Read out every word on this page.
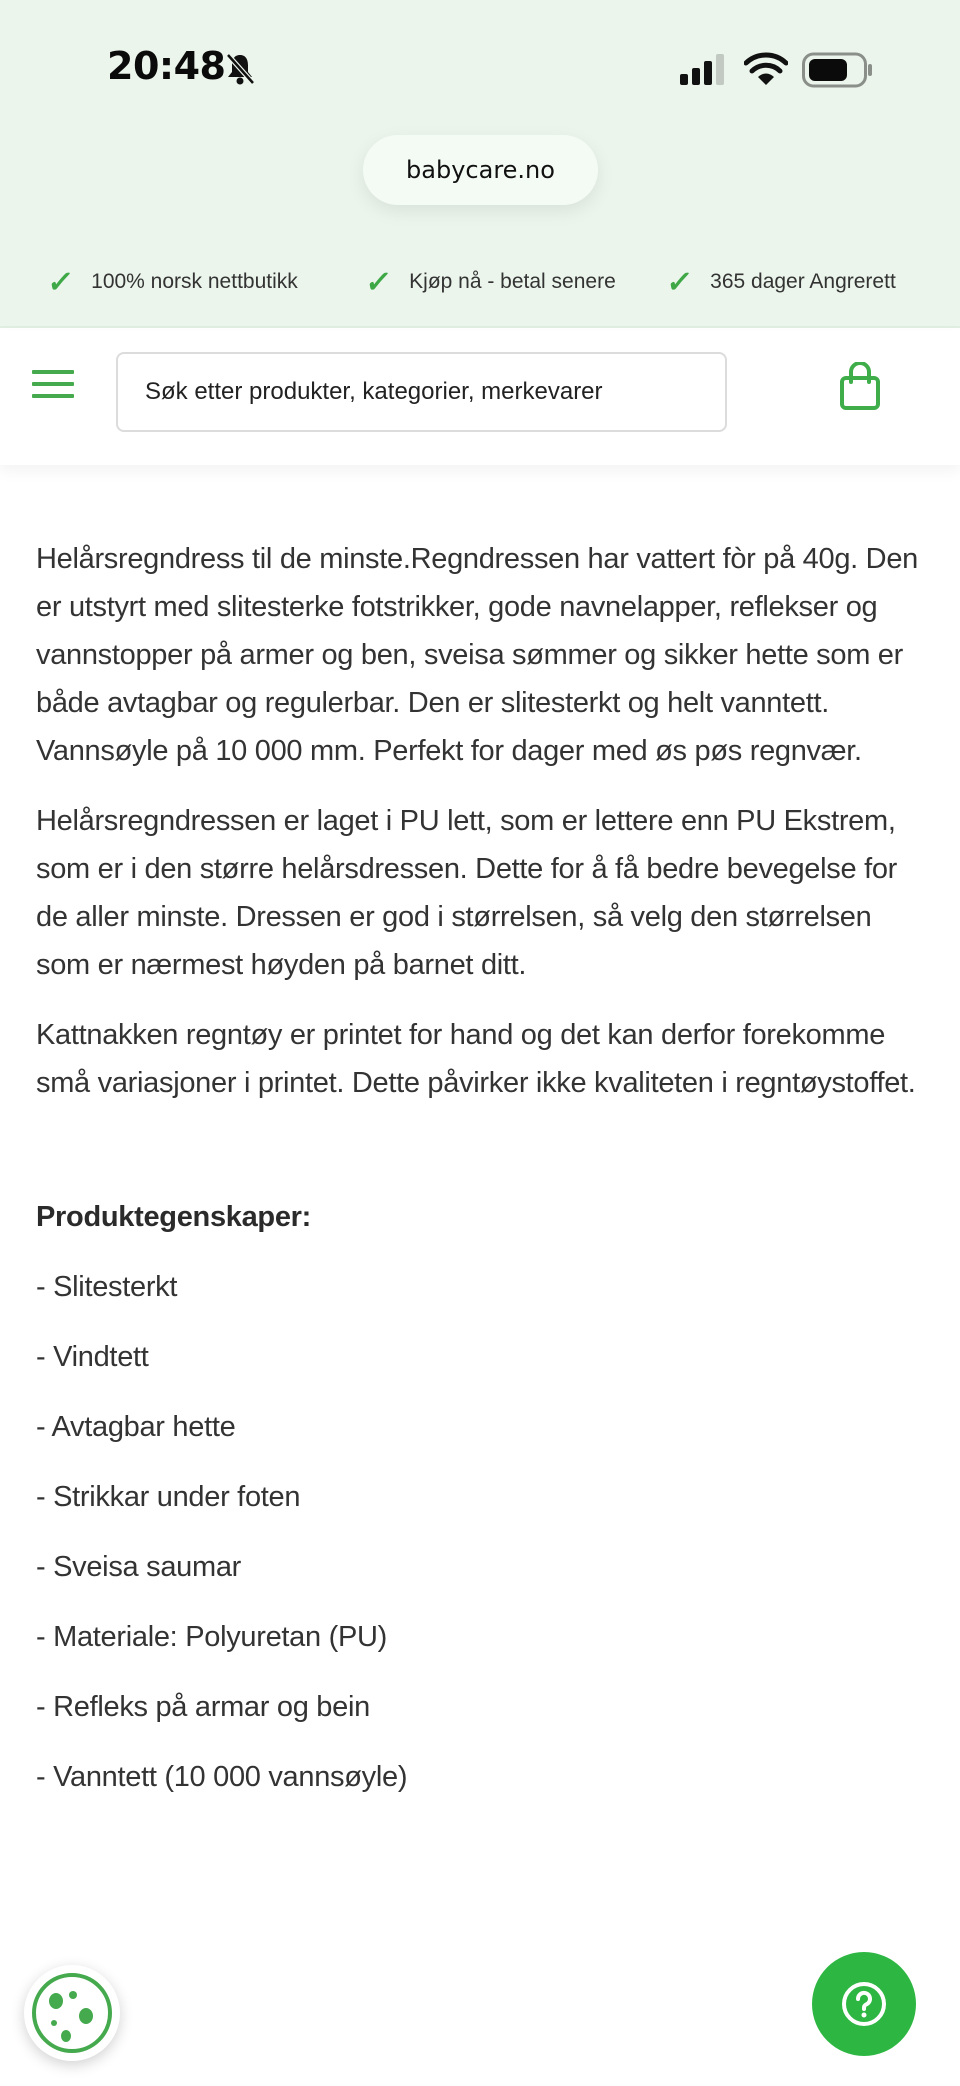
20:48
babycare.no
✓ 100% norsk nettbutikk ✓ Kjøp nå - betal senere ✓ 365 dager Angrerett
Søk etter produkter, kategorier, merkevarer

Helårsregndress til de minste.Regndressen har vattert fòr på 40g. Den er utstyrt med slitesterke fotstrikker, gode navnelapper, reflekser og vannstopper på armer og ben, sveisa sømmer og sikker hette som er både avtagbar og regulerbar. Den er slitesterkt og helt vanntett. Vannsøyle på 10 000 mm. Perfekt for dager med øs pøs regnvær.

Helårsregndressen er laget i PU lett, som er lettere enn PU Ekstrem, som er i den større helårsdressen. Dette for å få bedre bevegelse for de aller minste. Dressen er god i størrelsen, så velg den størrelsen som er nærmest høyden på barnet ditt.

Kattnakken regntøy er printet for hand og det kan derfor forekomme små variasjoner i printet. Dette påvirker ikke kvaliteten i regntøystoffet.

Produktegenskaper:
- Slitesterkt
- Vindtett
- Avtagbar hette
- Strikkar under foten
- Sveisa saumar
- Materiale: Polyuretan (PU)
- Refleks på armar og bein
- Vanntett (10 000 vannsøyle)
